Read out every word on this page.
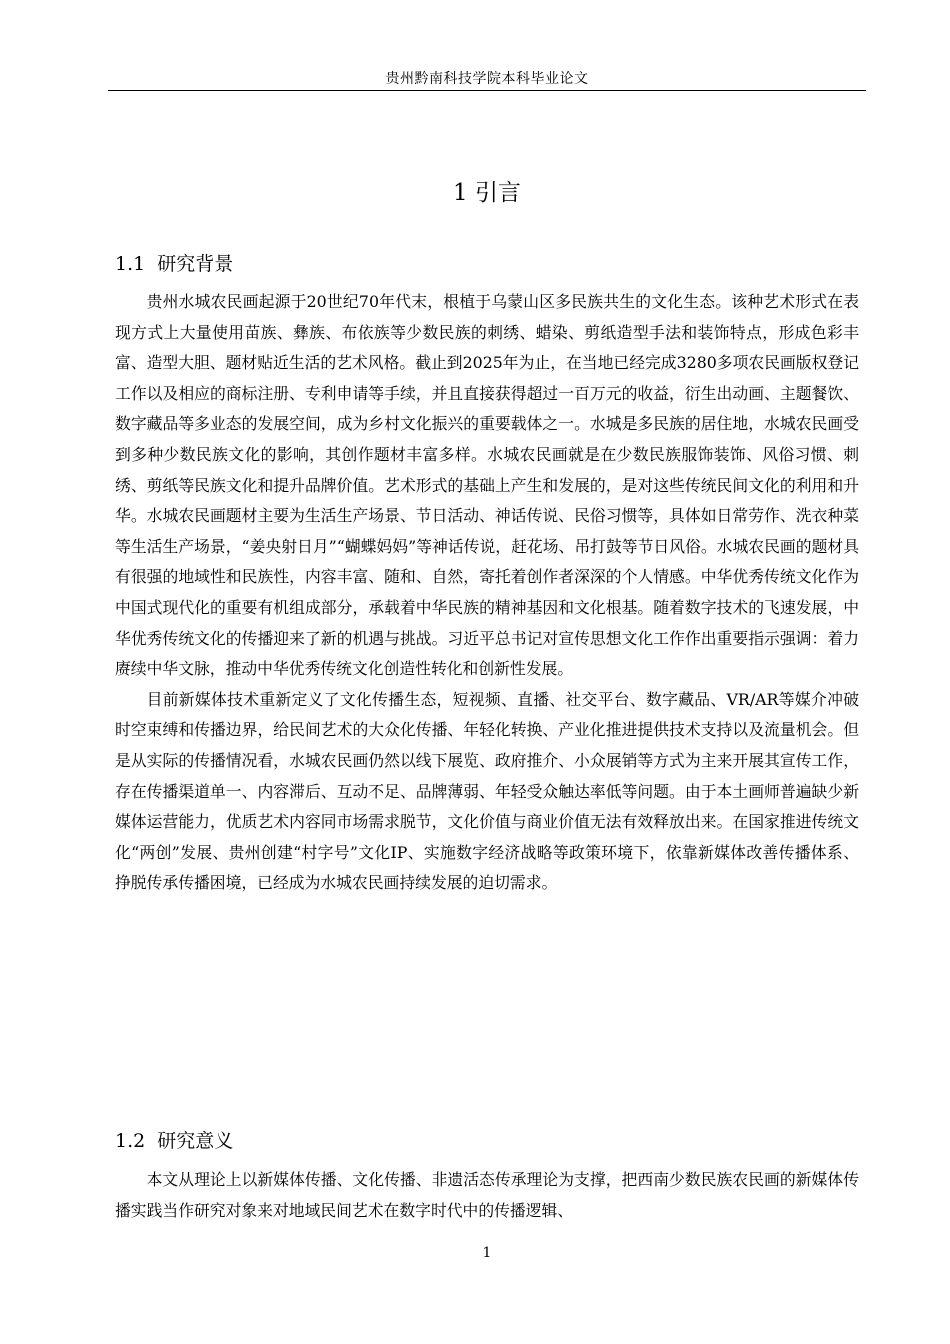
贵州黔南科技学院本科毕业论文
1 引言
1.1 研究背景

贵州水城农民画起源于20世纪70年代末，根植于乌蒙山区多民族共生的文化生态。该种艺术形式在表现方式上大量使用苗族、彝族、布依族等少数民族的刺绣、蜡染、剪纸造型手法和装饰特点，形成色彩丰富、造型大胆、题材贴近生活的艺术风格。截止到2025年为止，在当地已经完成3280多项农民画版权登记工作以及相应的商标注册、专利申请等手续，并且直接获得超过一百万元的收益，衍生出动画、主题餐饮、数字藏品等多业态的发展空间，成为乡村文化振兴的重要载体之一。水城是多民族的居住地，水城农民画受到多种少数民族文化的影响，其创作题材丰富多样。水城农民画就是在少数民族服饰装饰、风俗习惯、刺绣、剪纸等民族文化和提升品牌价值。艺术形式的基础上产生和发展的，是对这些传统民间文化的利用和升华。水城农民画题材主要为生活生产场景、节日活动、神话传说、民俗习惯等，具体如日常劳作、洗衣种菜等生活生产场景，“姜央射日月”“蝴蝶妈妈”等神话传说，赶花场、吊打鼓等节日风俗。水城农民画的题材具有很强的地域性和民族性，内容丰富、随和、自然，寄托着创作者深深的个人情感。中华优秀传统文化作为中国式现代化的重要有机组成部分，承载着中华民族的精神基因和文化根基。随着数字技术的飞速发展，中华优秀传统文化的传播迎来了新的机遇与挑战。习近平总书记对宣传思想文化工作作出重要指示强调：着力赓续中华文脉，推动中华优秀传统文化创造性转化和创新性发展。

目前新媒体技术重新定义了文化传播生态，短视频、直播、社交平台、数字藏品、VR/AR等媒介冲破时空束缚和传播边界，给民间艺术的大众化传播、年轻化转换、产业化推进提供技术支持以及流量机会。但是从实际的传播情况看，水城农民画仍然以线下展览、政府推介、小众展销等方式为主来开展其宣传工作，存在传播渠道单一、内容滞后、互动不足、品牌薄弱、年轻受众触达率低等问题。由于本土画师普遍缺少新媒体运营能力，优质艺术内容同市场需求脱节，文化价值与商业价值无法有效释放出来。在国家推进传统文化“两创”发展、贵州创建“村字号”文化IP、实施数字经济战略等政策环境下，依靠新媒体改善传播体系、挣脱传承传播困境，已经成为水城农民画持续发展的迫切需求。

1.2 研究意义

本文从理论上以新媒体传播、文化传播、非遗活态传承理论为支撑，把西南少数民族农民画的新媒体传播实践当作研究对象来对地域民间艺术在数字时代中的传播逻辑、

1
